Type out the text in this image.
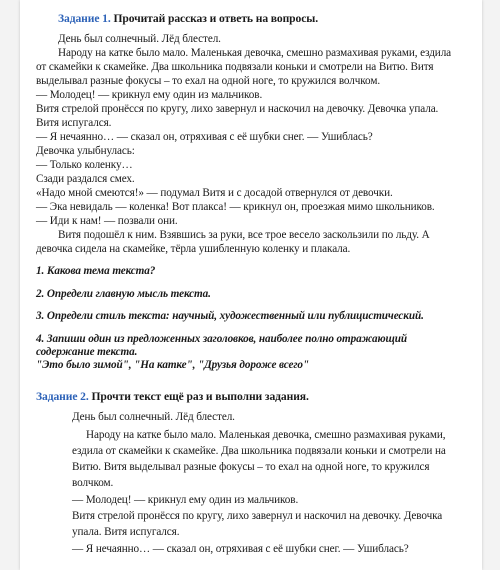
Задание 1. Прочитай рассказ и ответь на вопросы.
День был солнечный. Лёд блестел.
Народу на катке было мало. Маленькая девочка, смешно размахивая руками, ездила
от скамейки к скамейке. Два школьника подвязали коньки и смотрели на Витю. Витя
выделывал разные фокусы – то ехал на одной ноге, то кружился волчком.
— Молодец! — крикнул ему один из мальчиков.
Витя стрелой пронёсся по кругу, лихо завернул и наскочил на девочку. Девочка упала.
Витя испугался.
— Я нечаянно… — сказал он, отряхивая с её шубки снег. — Ушиблась?
Девочка улыбнулась:
— Только коленку…
Сзади раздался смех.
«Надо мной смеются!» — подумал Витя и с досадой отвернулся от девочки.
— Эка невидаль — коленка! Вот плакса! — крикнул он, проезжая мимо школьников.
— Иди к нам! — позвали они.
Витя подошёл к ним. Взявшись за руки, все трое весело заскользили по льду. А
девочка сидела на скамейке, тёрла ушибленную коленку и плакала.
1. Какова тема текста?
2. Определи главную мысль текста.
3. Определи стиль текста: научный, художественный или публицистический.
4. Запиши один из предложенных заголовков, наиболее полно отражающий
содержание текста.
"Этo было зимой", "На катке", "Друзья дороже всего"
Задание 2. Прочти текст ещё раз и выполни задания.
День был солнечный. Лёд блестел.
Народу на катке было мало. Маленькая девочка, смешно размахивая руками,
ездила от скамейки к скамейке. Два школьника подвязали коньки и смотрели на
Витю. Витя выделывал разные фокусы – то ехал на одной ноге, то кружился
волчком.
— Молодец! — крикнул ему один из мальчиков.
Витя стрелой пронёсся по кругу, лихо завернул и наскочил на девочку. Девочка
упала. Витя испугался.
— Я нечаянно… — сказал он, отряхивая с её шубки снег. — Ушиблась?
